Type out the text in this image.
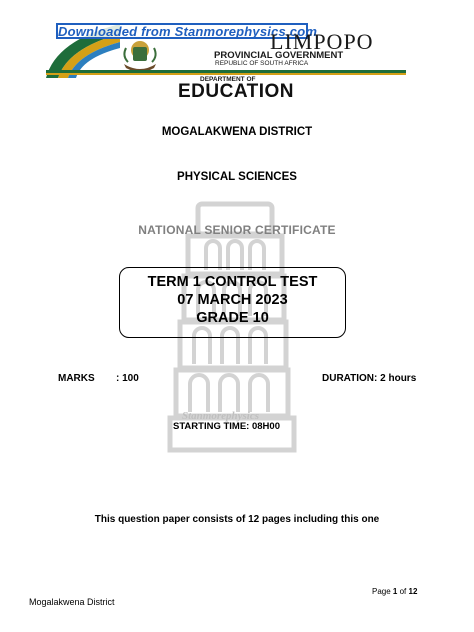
Downloaded from Stanmorephysics.com
LIMPOPO
PROVINCIAL GOVERNMENT
REPUBLIC OF SOUTH AFRICA
DEPARTMENT OF
EDUCATION
Stanmorephysics
MOGALAKWENA DISTRICT
PHYSICAL SCIENCES
NATIONAL SENIOR CERTIFICATE
TERM 1 CONTROL TEST
07 MARCH 2023
GRADE 10
MARKS : 100	DURATION: 2 hours
STARTING TIME: 08H00
This question paper consists of 12 pages including this one
Page 1 of 12
Mogalakwena District
